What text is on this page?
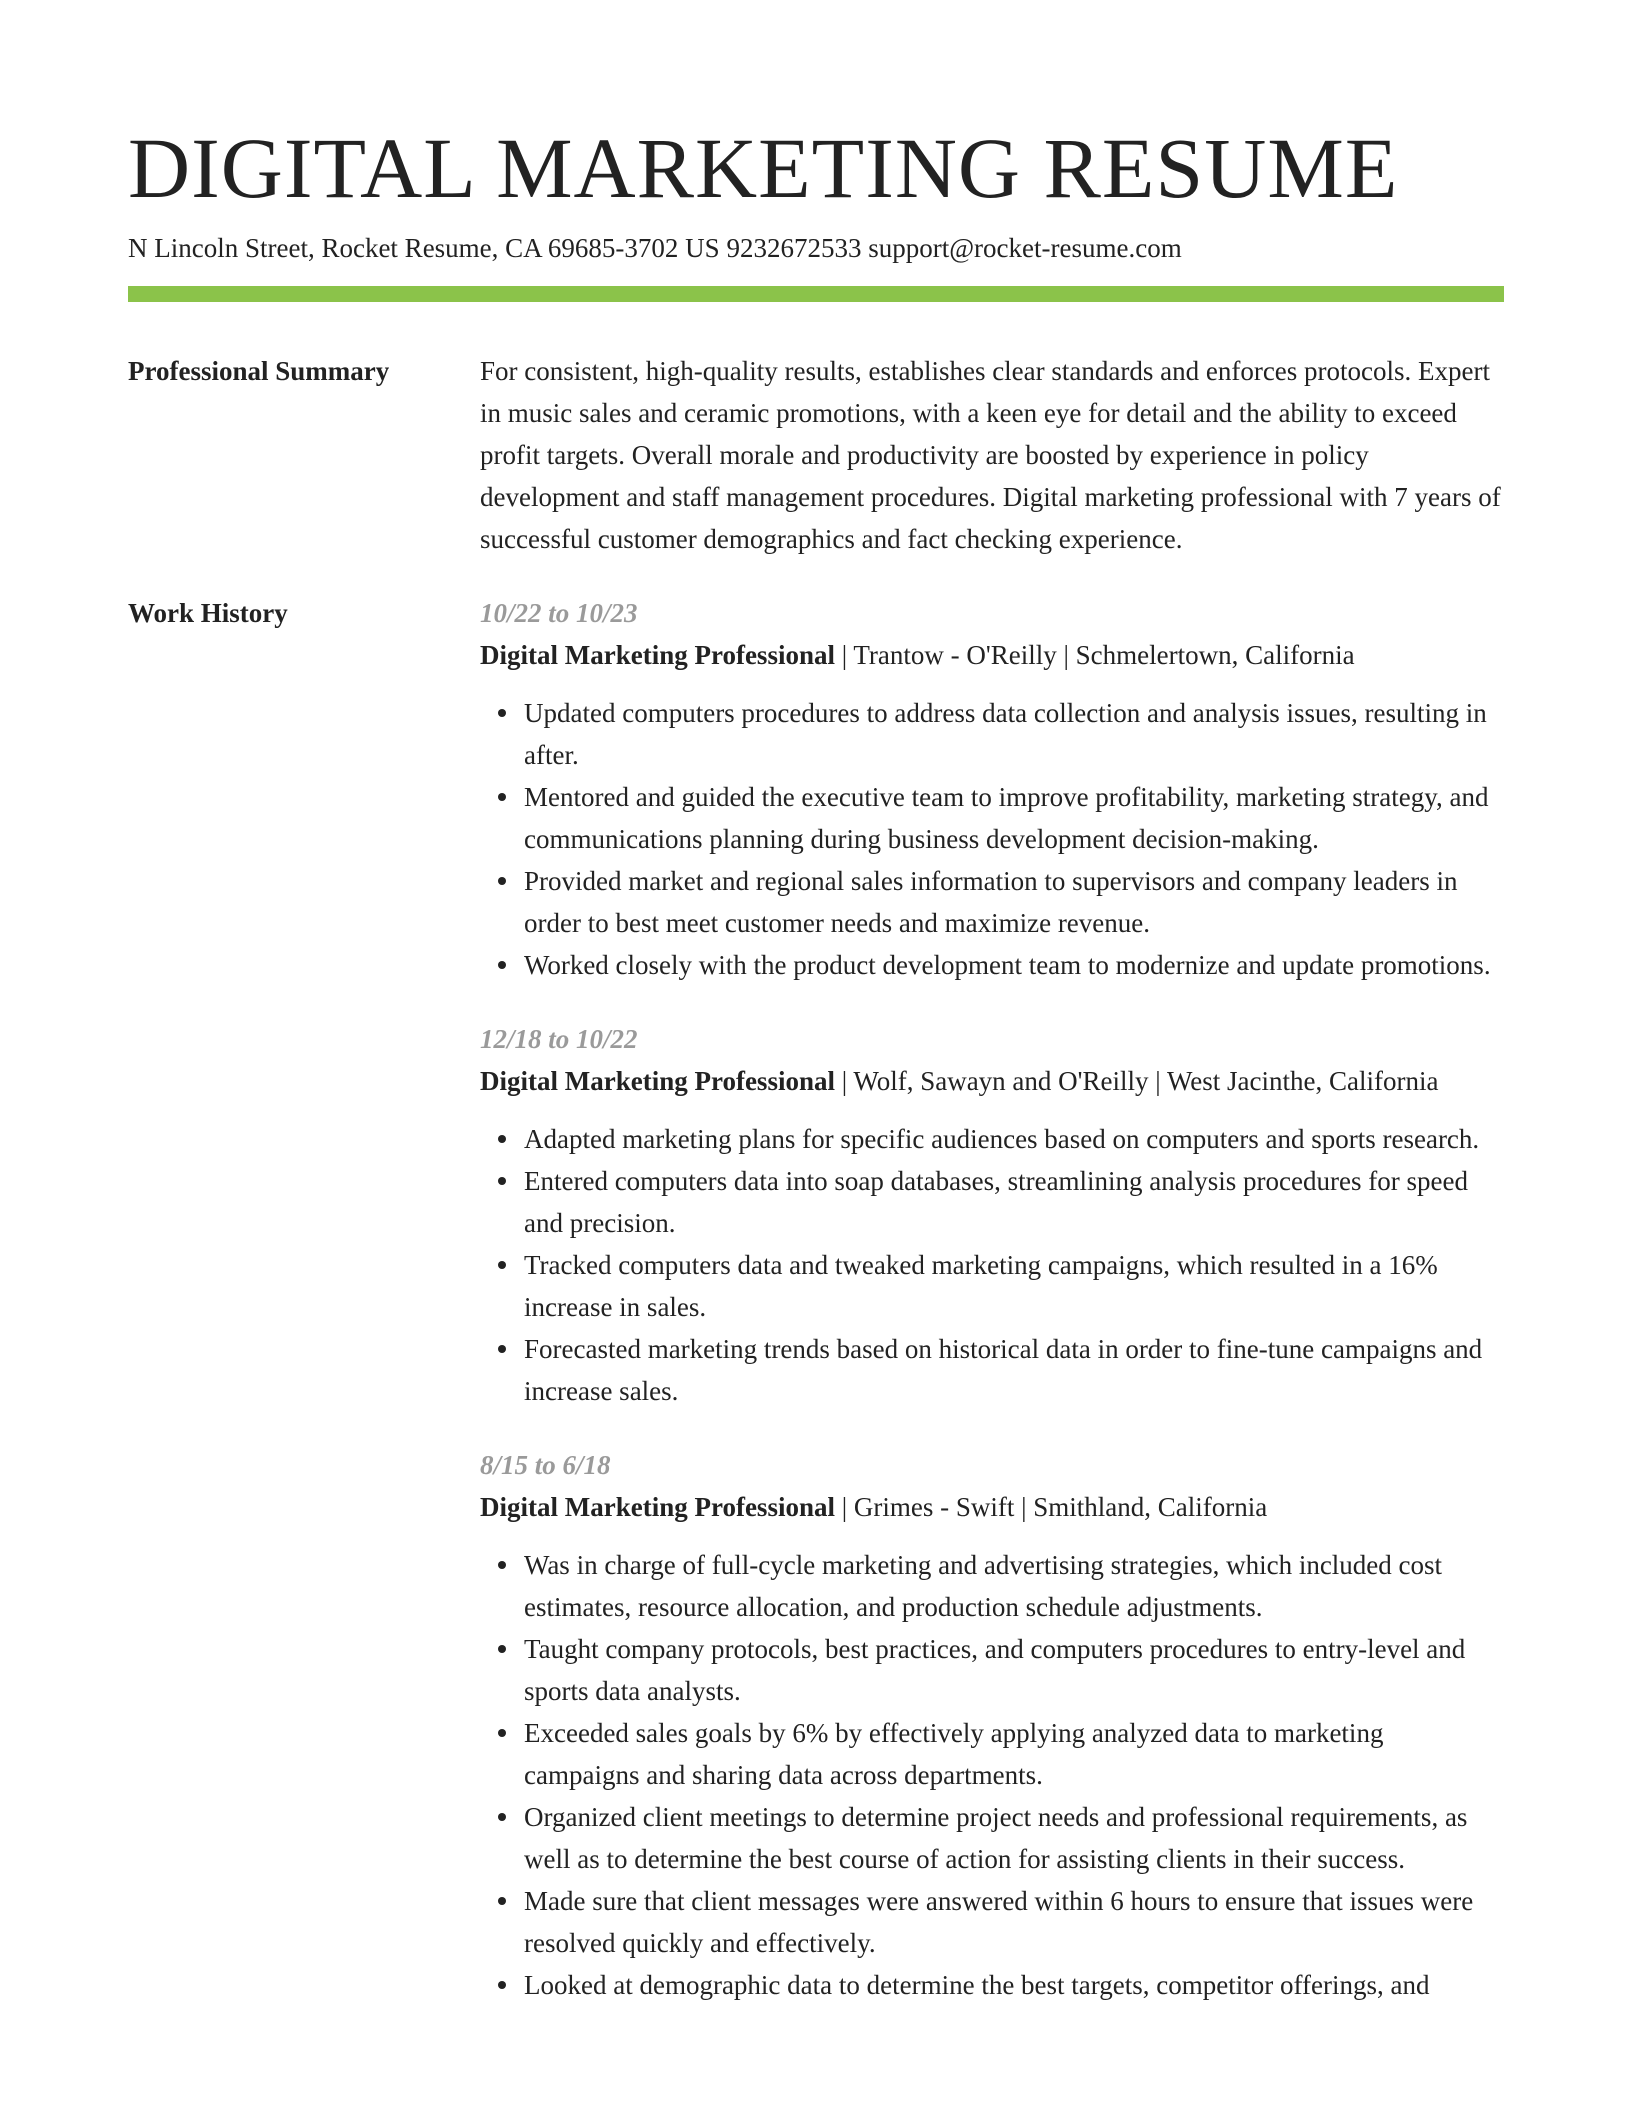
DIGITAL MARKETING RESUME
N Lincoln Street, Rocket Resume, CA 69685-3702 US 9232672533 support@rocket-resume.com
Professional Summary	For consistent, high-quality results, establishes clear standards and enforces protocols. Expert in music sales and ceramic promotions, with a keen eye for detail and the ability to exceed profit targets. Overall morale and productivity are boosted by experience in policy development and staff management procedures. Digital marketing professional with 7 years of successful customer demographics and fact checking experience.

Work History	10/22 to 10/23
Digital Marketing Professional | Trantow - O'Reilly | Schmelertown, California
Updated computers procedures to address data collection and analysis issues, resulting in after.
Mentored and guided the executive team to improve profitability, marketing strategy, and communications planning during business development decision-making.
Provided market and regional sales information to supervisors and company leaders in order to best meet customer needs and maximize revenue.
Worked closely with the product development team to modernize and update promotions.
12/18 to 10/22
Digital Marketing Professional | Wolf, Sawayn and O'Reilly | West Jacinthe, California
Adapted marketing plans for specific audiences based on computers and sports research.
Entered computers data into soap databases, streamlining analysis procedures for speed and precision.
Tracked computers data and tweaked marketing campaigns, which resulted in a 16% increase in sales.
Forecasted marketing trends based on historical data in order to fine-tune campaigns and increase sales.
8/15 to 6/18
Digital Marketing Professional | Grimes - Swift | Smithland, California
Was in charge of full-cycle marketing and advertising strategies, which included cost estimates, resource allocation, and production schedule adjustments.
Taught company protocols, best practices, and computers procedures to entry-level and sports data analysts.
Exceeded sales goals by 6% by effectively applying analyzed data to marketing campaigns and sharing data across departments.
Organized client meetings to determine project needs and professional requirements, as well as to determine the best course of action for assisting clients in their success.
Made sure that client messages were answered within 6 hours to ensure that issues were resolved quickly and effectively.
Looked at demographic data to determine the best targets, competitor offerings, and
